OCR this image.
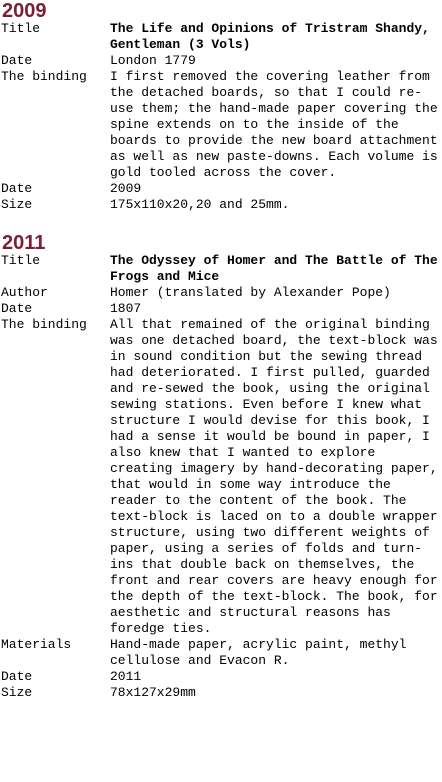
2009
Title	The Life and Opinions of Tristram Shandy, Gentleman (3 Vols)
Date	London 1779
The binding	I first removed the covering leather from the detached boards, so that I could re-use them; the hand-made paper covering the spine extends on to the inside of the boards to provide the new board attachment as well as new paste-downs. Each volume is gold tooled across the cover.
Date	2009
Size	175x110x20,20 and 25mm.
2011
Title	The Odyssey of Homer and The Battle of The Frogs and Mice
Author	Homer (translated by Alexander Pope)
Date	1807
The binding	All that remained of the original binding was one detached board, the text-block was in sound condition but the sewing thread had deteriorated. I first pulled, guarded and re-sewed the book, using the original sewing stations. Even before I knew what structure I would devise for this book, I had a sense it would be bound in paper, I also knew that I wanted to explore creating imagery by hand-decorating paper, that would in some way introduce the reader to the content of the book. The text-block is laced on to a double wrapper structure, using two different weights of paper, using a series of folds and turn-ins that double back on themselves, the front and rear covers are heavy enough for the depth of the text-block. The book, for aesthetic and structural reasons has foredge ties.
Materials	Hand-made paper, acrylic paint, methyl cellulose and Evacon R.
Date	2011
Size	78x127x29mm
